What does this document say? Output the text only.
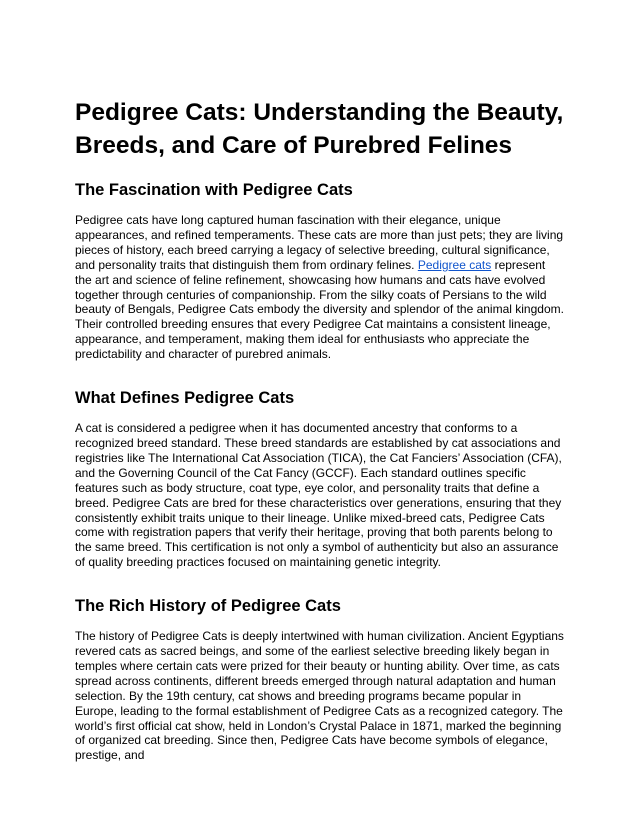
Pedigree Cats: Understanding the Beauty, Breeds, and Care of Purebred Felines
The Fascination with Pedigree Cats

Pedigree cats have long captured human fascination with their elegance, unique appearances, and refined temperaments. These cats are more than just pets; they are living pieces of history, each breed carrying a legacy of selective breeding, cultural significance, and personality traits that distinguish them from ordinary felines. Pedigree cats represent the art and science of feline refinement, showcasing how humans and cats have evolved together through centuries of companionship. From the silky coats of Persians to the wild beauty of Bengals, Pedigree Cats embody the diversity and splendor of the animal kingdom. Their controlled breeding ensures that every Pedigree Cat maintains a consistent lineage, appearance, and temperament, making them ideal for enthusiasts who appreciate the predictability and character of purebred animals.

What Defines Pedigree Cats

A cat is considered a pedigree when it has documented ancestry that conforms to a recognized breed standard. These breed standards are established by cat associations and registries like The International Cat Association (TICA), the Cat Fanciers’ Association (CFA), and the Governing Council of the Cat Fancy (GCCF). Each standard outlines specific features such as body structure, coat type, eye color, and personality traits that define a breed. Pedigree Cats are bred for these characteristics over generations, ensuring that they consistently exhibit traits unique to their lineage. Unlike mixed-breed cats, Pedigree Cats come with registration papers that verify their heritage, proving that both parents belong to the same breed. This certification is not only a symbol of authenticity but also an assurance of quality breeding practices focused on maintaining genetic integrity.

The Rich History of Pedigree Cats

The history of Pedigree Cats is deeply intertwined with human civilization. Ancient Egyptians revered cats as sacred beings, and some of the earliest selective breeding likely began in temples where certain cats were prized for their beauty or hunting ability. Over time, as cats spread across continents, different breeds emerged through natural adaptation and human selection. By the 19th century, cat shows and breeding programs became popular in Europe, leading to the formal establishment of Pedigree Cats as a recognized category. The world’s first official cat show, held in London’s Crystal Palace in 1871, marked the beginning of organized cat breeding. Since then, Pedigree Cats have become symbols of elegance, prestige, and
